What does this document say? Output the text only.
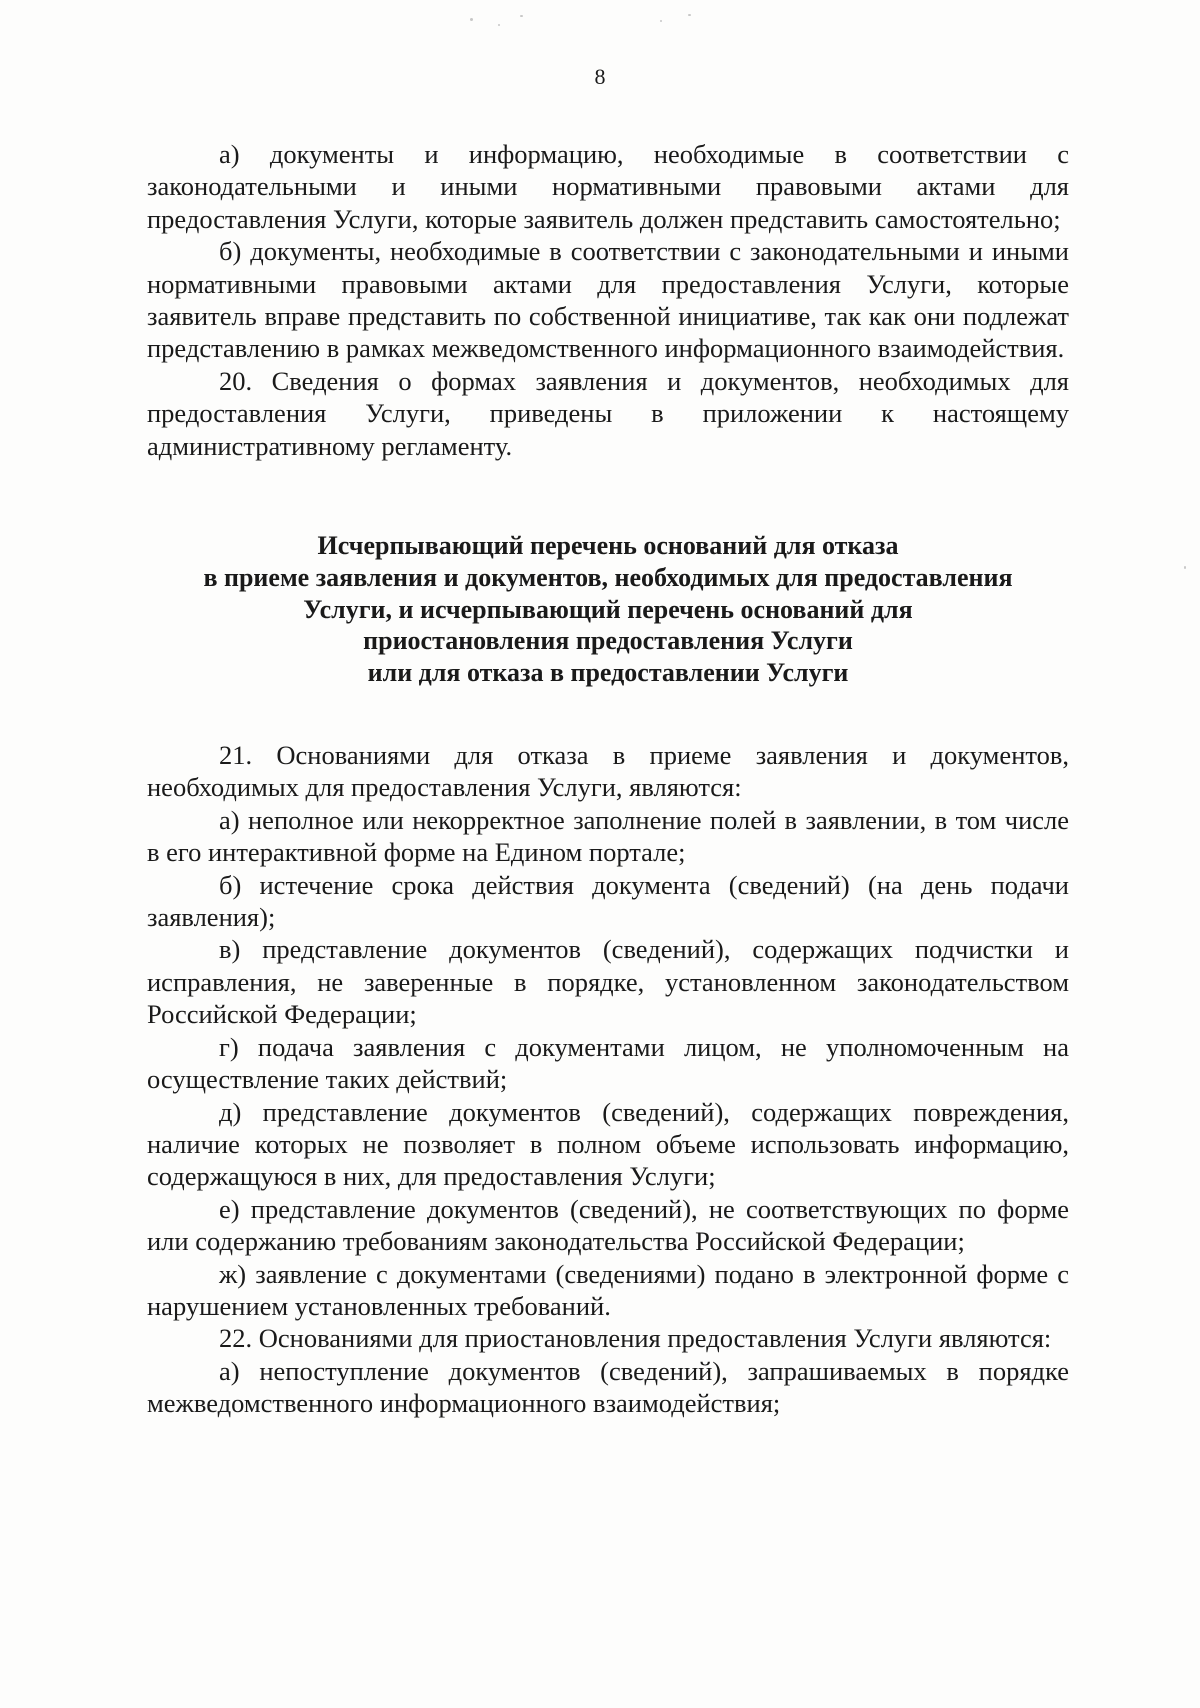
8

а) документы и информацию, необходимые в соответствии с законодательными и иными нормативными правовыми актами для предоставления Услуги, которые заявитель должен представить самостоятельно;

б) документы, необходимые в соответствии с законодательными и иными нормативными правовыми актами для предоставления Услуги, которые заявитель вправе представить по собственной инициативе, так как они подлежат представлению в рамках межведомственного информационного взаимодействия.

20. Сведения о формах заявления и документов, необходимых для предоставления Услуги, приведены в приложении к настоящему административному регламенту.

Исчерпывающий перечень оснований для отказа
в приеме заявления и документов, необходимых для предоставления
Услуги, и исчерпывающий перечень оснований для
приостановления предоставления Услуги
или для отказа в предоставлении Услуги

21. Основаниями для отказа в приеме заявления и документов, необходимых для предоставления Услуги, являются:

а) неполное или некорректное заполнение полей в заявлении, в том числе в его интерактивной форме на Едином портале;

б) истечение срока действия документа (сведений) (на день подачи заявления);

в) представление документов (сведений), содержащих подчистки и исправления, не заверенные в порядке, установленном законодательством Российской Федерации;

г) подача заявления с документами лицом, не уполномоченным на осуществление таких действий;

д) представление документов (сведений), содержащих повреждения, наличие которых не позволяет в полном объеме использовать информацию, содержащуюся в них, для предоставления Услуги;

е) представление документов (сведений), не соответствующих по форме или содержанию требованиям законодательства Российской Федерации;

ж) заявление с документами (сведениями) подано в электронной форме с нарушением установленных требований.

22. Основаниями для приостановления предоставления Услуги являются:

а) непоступление документов (сведений), запрашиваемых в порядке межведомственного информационного взаимодействия;
